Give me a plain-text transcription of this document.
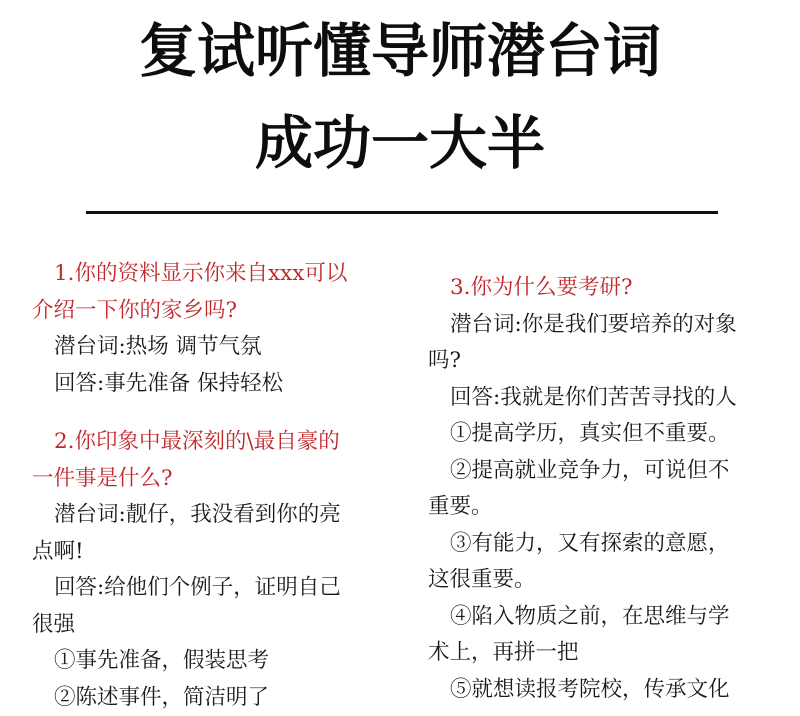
复试听懂导师潜台词
成功一大半

1.你的资料显示你来自xxx可以

介绍一下你的家乡吗?

潜台词:热场 调节气氛

回答:事先准备 保持轻松

2.你印象中最深刻的\最自豪的

一件事是什么?

潜台词:靓仔，我没看到你的亮

点啊!

回答:给他们个例子，证明自己

很强

①事先准备，假装思考

②陈述事件，简洁明了

3.你为什么要考研?

潜台词:你是我们要培养的对象

吗?

回答:我就是你们苦苦寻找的人

①提高学历，真实但不重要。

②提高就业竞争力，可说但不

重要。

③有能力，又有探索的意愿，

这很重要。

④陷入物质之前，在思维与学

术上，再拼一把

⑤就想读报考院校，传承文化
